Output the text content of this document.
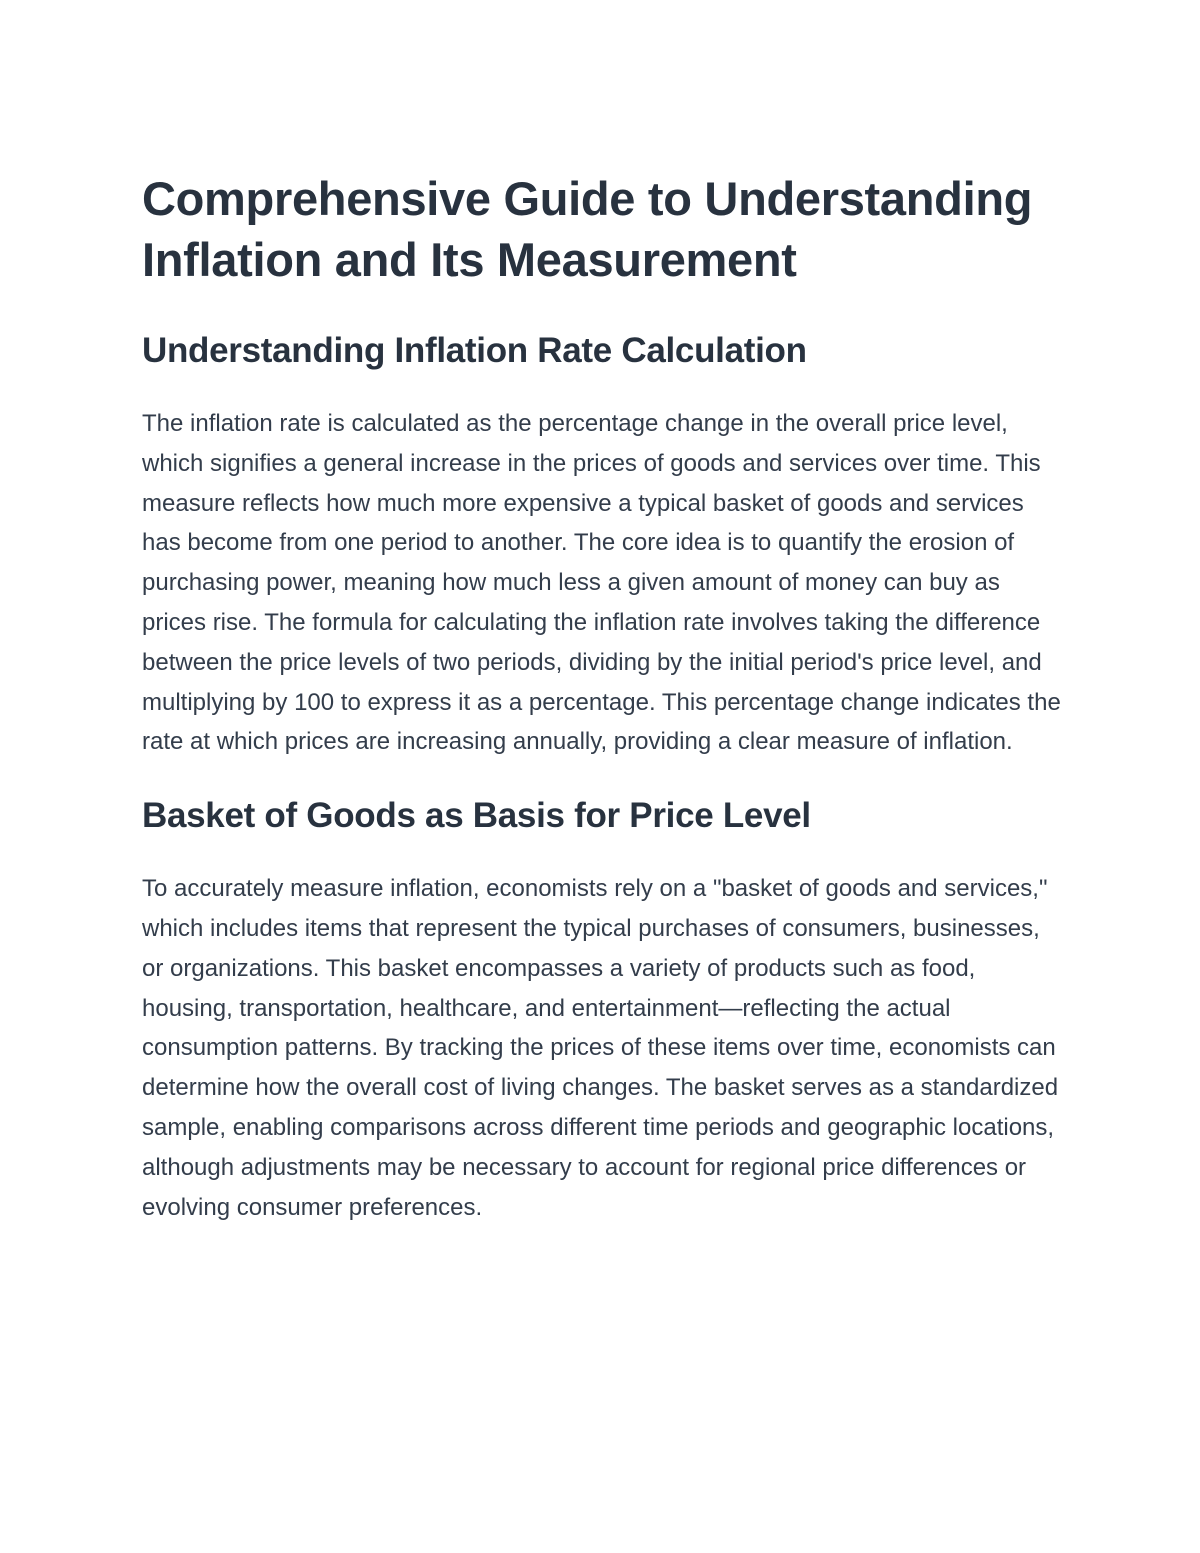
Comprehensive Guide to Understanding Inflation and Its Measurement
Understanding Inflation Rate Calculation

The inflation rate is calculated as the percentage change in the overall price level, which signifies a general increase in the prices of goods and services over time. This measure reflects how much more expensive a typical basket of goods and services has become from one period to another. The core idea is to quantify the erosion of purchasing power, meaning how much less a given amount of money can buy as prices rise. The formula for calculating the inflation rate involves taking the difference between the price levels of two periods, dividing by the initial period's price level, and multiplying by 100 to express it as a percentage. This percentage change indicates the rate at which prices are increasing annually, providing a clear measure of inflation.

Basket of Goods as Basis for Price Level

To accurately measure inflation, economists rely on a "basket of goods and services," which includes items that represent the typical purchases of consumers, businesses, or organizations. This basket encompasses a variety of products such as food, housing, transportation, healthcare, and entertainment—reflecting the actual consumption patterns. By tracking the prices of these items over time, economists can determine how the overall cost of living changes. The basket serves as a standardized sample, enabling comparisons across different time periods and geographic locations, although adjustments may be necessary to account for regional price differences or evolving consumer preferences.
